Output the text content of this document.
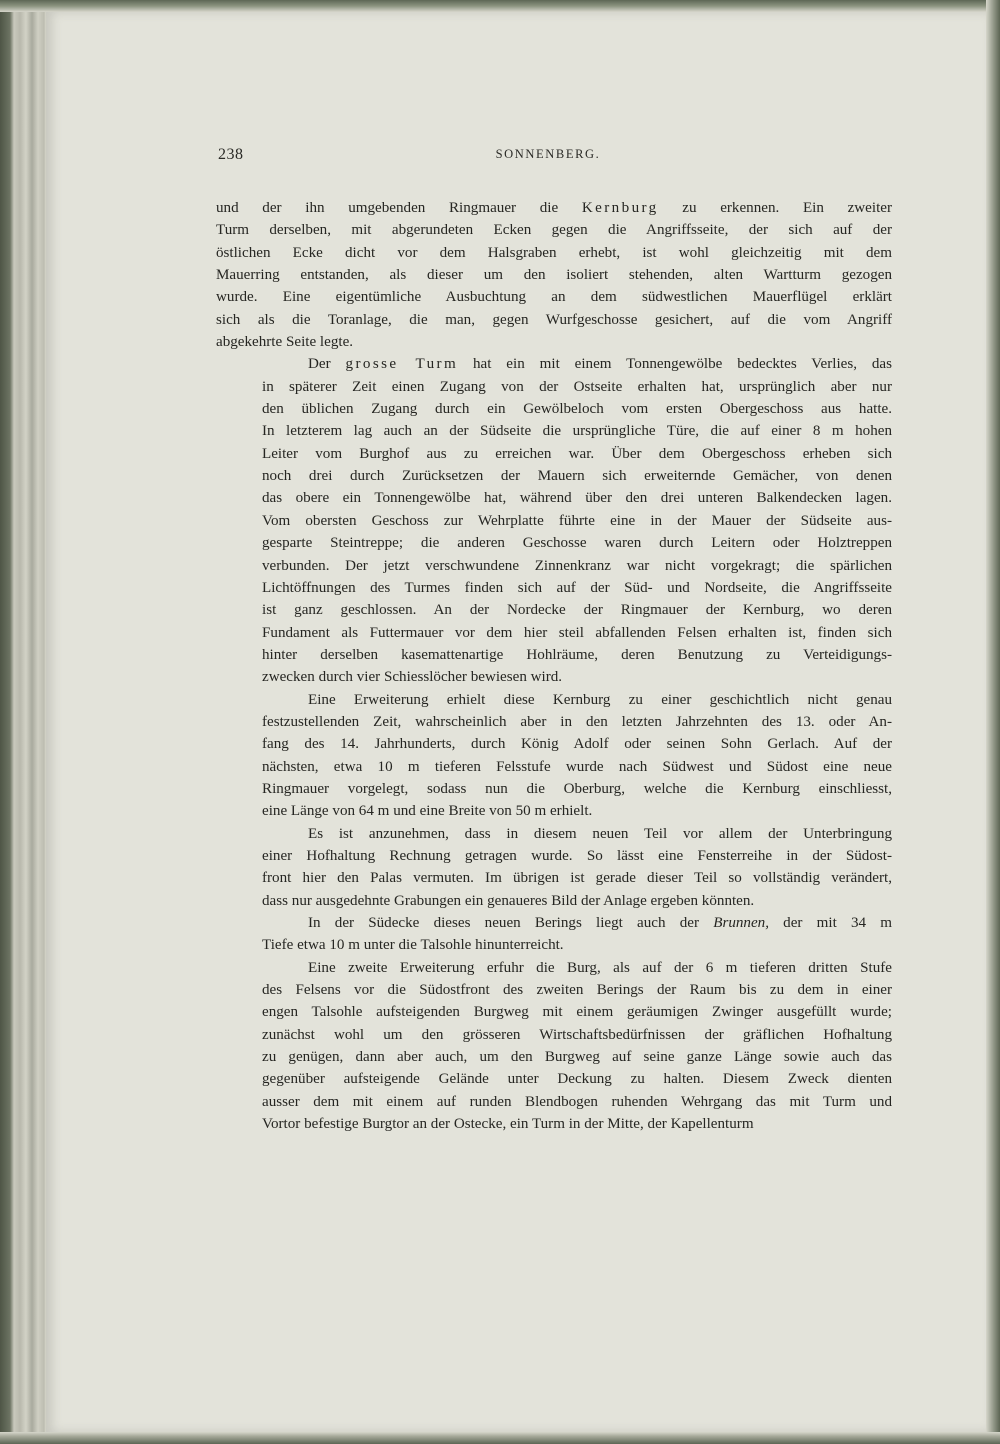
238	SONNENBERG.
und der ihn umgebenden Ringmauer die Kernburg zu erkennen. Ein zweiter
Turm derselben, mit abgerundeten Ecken gegen die Angriffsseite, der sich auf der
östlichen Ecke dicht vor dem Halsgraben erhebt, ist wohl gleichzeitig mit dem
Mauerring entstanden, als dieser um den isoliert stehenden, alten Wartturm gezogen
wurde. Eine eigentümliche Ausbuchtung an dem südwestlichen Mauerflügel erklärt
sich als die Toranlage, die man, gegen Wurfgeschosse gesichert, auf die vom Angriff
abgekehrte Seite legte.
Der grosse Turm hat ein mit einem Tonnengewölbe bedecktes Verlies, das
in späterer Zeit einen Zugang von der Ostseite erhalten hat, ursprünglich aber nur
den üblichen Zugang durch ein Gewölbeloch vom ersten Obergeschoss aus hatte.
In letzterem lag auch an der Südseite die ursprüngliche Türe, die auf einer 8 m hohen
Leiter vom Burghof aus zu erreichen war. Über dem Obergeschoss erheben sich
noch drei durch Zurücksetzen der Mauern sich erweiternde Gemächer, von denen
das obere ein Tonnengewölbe hat, während über den drei unteren Balkendecken lagen.
Vom obersten Geschoss zur Wehrplatte führte eine in der Mauer der Südseite aus-
gesparte Steintreppe; die anderen Geschosse waren durch Leitern oder Holztreppen
verbunden. Der jetzt verschwundene Zinnenkranz war nicht vorgekragt; die spärlichen
Lichtöffnungen des Turmes finden sich auf der Süd- und Nordseite, die Angriffsseite
ist ganz geschlossen. An der Nordecke der Ringmauer der Kernburg, wo deren
Fundament als Futtermauer vor dem hier steil abfallenden Felsen erhalten ist, finden sich
hinter derselben kasemattenartige Hohlräume, deren Benutzung zu Verteidigungs-
zwecken durch vier Schiesslöcher bewiesen wird.
Eine Erweiterung erhielt diese Kernburg zu einer geschichtlich nicht genau
festzustellenden Zeit, wahrscheinlich aber in den letzten Jahrzehnten des 13. oder An-
fang des 14. Jahrhunderts, durch König Adolf oder seinen Sohn Gerlach. Auf der
nächsten, etwa 10 m tieferen Felsstufe wurde nach Südwest und Südost eine neue
Ringmauer vorgelegt, sodass nun die Oberburg, welche die Kernburg einschliesst,
eine Länge von 64 m und eine Breite von 50 m erhielt.
Es ist anzunehmen, dass in diesem neuen Teil vor allem der Unterbringung
einer Hofhaltung Rechnung getragen wurde. So lässt eine Fensterreihe in der Südost-
front hier den Palas vermuten. Im übrigen ist gerade dieser Teil so vollständig verändert,
dass nur ausgedehnte Grabungen ein genaueres Bild der Anlage ergeben könnten.
In der Südecke dieses neuen Berings liegt auch der Brunnen, der mit 34 m
Tiefe etwa 10 m unter die Talsohle hinunterreicht.
Eine zweite Erweiterung erfuhr die Burg, als auf der 6 m tieferen dritten Stufe
des Felsens vor die Südostfront des zweiten Berings der Raum bis zu dem in einer
engen Talsohle aufsteigenden Burgweg mit einem geräumigen Zwinger ausgefüllt wurde;
zunächst wohl um den grösseren Wirtschaftsbedürfnissen der gräflichen Hofhaltung
zu genügen, dann aber auch, um den Burgweg auf seine ganze Länge sowie auch das
gegenüber aufsteigende Gelände unter Deckung zu halten. Diesem Zweck dienten
ausser dem mit einem auf runden Blendbogen ruhenden Wehrgang das mit Turm und
Vortor befestige Burgtor an der Ostecke, ein Turm in der Mitte, der Kapellenturm
